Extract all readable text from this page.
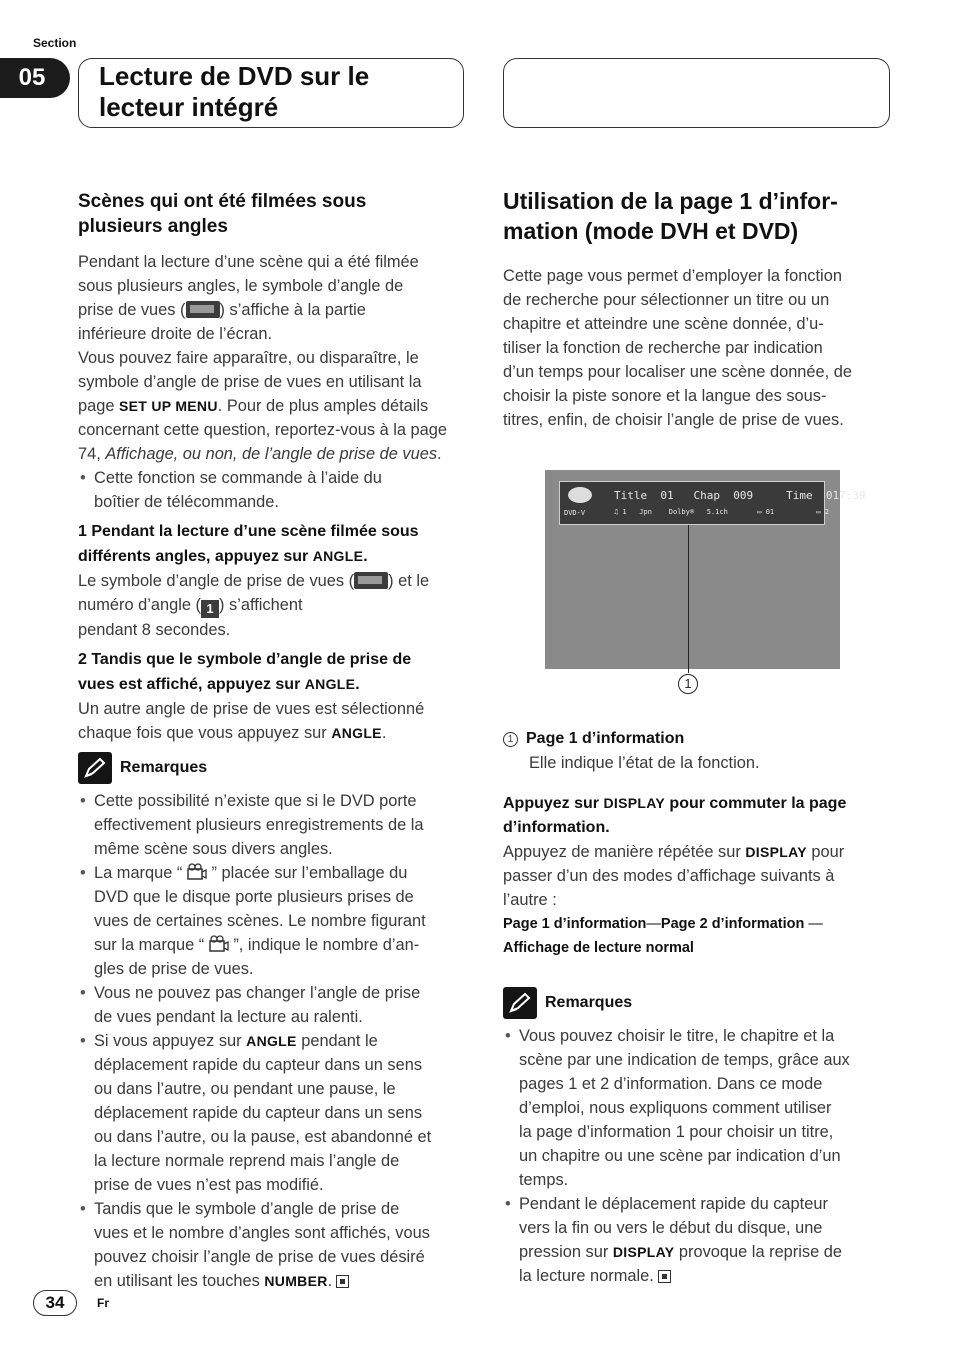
Section
05	Lecture de DVD sur le
lecteur intégré
Scènes qui ont été filmées sous
plusieurs angles

Pendant la lecture d’une scène qui a été filmée
sous plusieurs angles, le symbole d’angle de
prise de vues ( ) s’affiche à la partie
inférieure droite de l’écran.

Vous pouvez faire apparaître, ou disparaître, le
symbole d’angle de prise de vues en utilisant la
page SET UP MENU. Pour de plus amples détails
concernant cette question, reportez-vous à la page
74, Affichage, ou non, de l’angle de prise de vues.

• Cette fonction se commande à l’aide du
boîtier de télécommande.

1 Pendant la lecture d’une scène filmée sous
différents angles, appuyez sur ANGLE.

Le symbole d’angle de prise de vues ( ) et le
numéro d’angle ( 1 ) s’affichent
pendant 8 secondes.

2 Tandis que le symbole d’angle de prise de
vues est affiché, appuyez sur ANGLE.

Un autre angle de prise de vues est sélectionné
chaque fois que vous appuyez sur ANGLE.

Remarques
• Cette possibilité n’existe que si le DVD porte
effectivement plusieurs enregistrements de la
même scène sous divers angles.
• La marque “  ” placée sur l’emballage du
DVD que le disque porte plusieurs prises de
vues de certaines scènes. Le nombre figurant
sur la marque “  ”, indique le nombre d’an-
gles de prise de vues.
• Vous ne pouvez pas changer l’angle de prise
de vues pendant la lecture au ralenti.
• Si vous appuyez sur ANGLE pendant le
déplacement rapide du capteur dans un sens
ou dans l’autre, ou pendant une pause, le
déplacement rapide du capteur dans un sens
ou dans l’autre, ou la pause, est abandonné et
la lecture normale reprend mais l’angle de
prise de vues n’est pas modifié.
• Tandis que le symbole d’angle de prise de
vues et le nombre d’angles sont affichés, vous
pouvez choisir l’angle de prise de vues désiré
en utilisant les touches NUMBER.
Utilisation de la page 1 d’infor-
mation (mode DVH et DVD)

Cette page vous permet d’employer la fonction
de recherche pour sélectionner un titre ou un
chapitre et atteindre une scène donnée, d’u-
tiliser la fonction de recherche par indication
d’un temps pour localiser une scène donnée, de
choisir la piste sonore et la langue des sous-
titres, enfin, de choisir l’angle de prise de vues.

Title  01   Chap  009     Time  017:39
♫ 1   Jpn    Dolby®   5.1ch       ▭ 01          ▭ 2
DVD-V
1

1 Page 1 d’information
Elle indique l’état de la fonction.

Appuyez sur DISPLAY pour commuter la page
d’information.

Appuyez de manière répétée sur DISPLAY pour
passer d’un des modes d’affichage suivants à
l’autre :

Page 1 d’information—Page 2 d’information —
Affichage de lecture normal

Remarques
• Vous pouvez choisir le titre, le chapitre et la
scène par une indication de temps, grâce aux
pages 1 et 2 d’information. Dans ce mode
d’emploi, nous expliquons comment utiliser
la page d’information 1 pour choisir un titre,
un chapitre ou une scène par indication d’un
temps.
• Pendant le déplacement rapide du capteur
vers la fin ou vers le début du disque, une
pression sur DISPLAY provoque la reprise de
la lecture normale.
34	Fr
